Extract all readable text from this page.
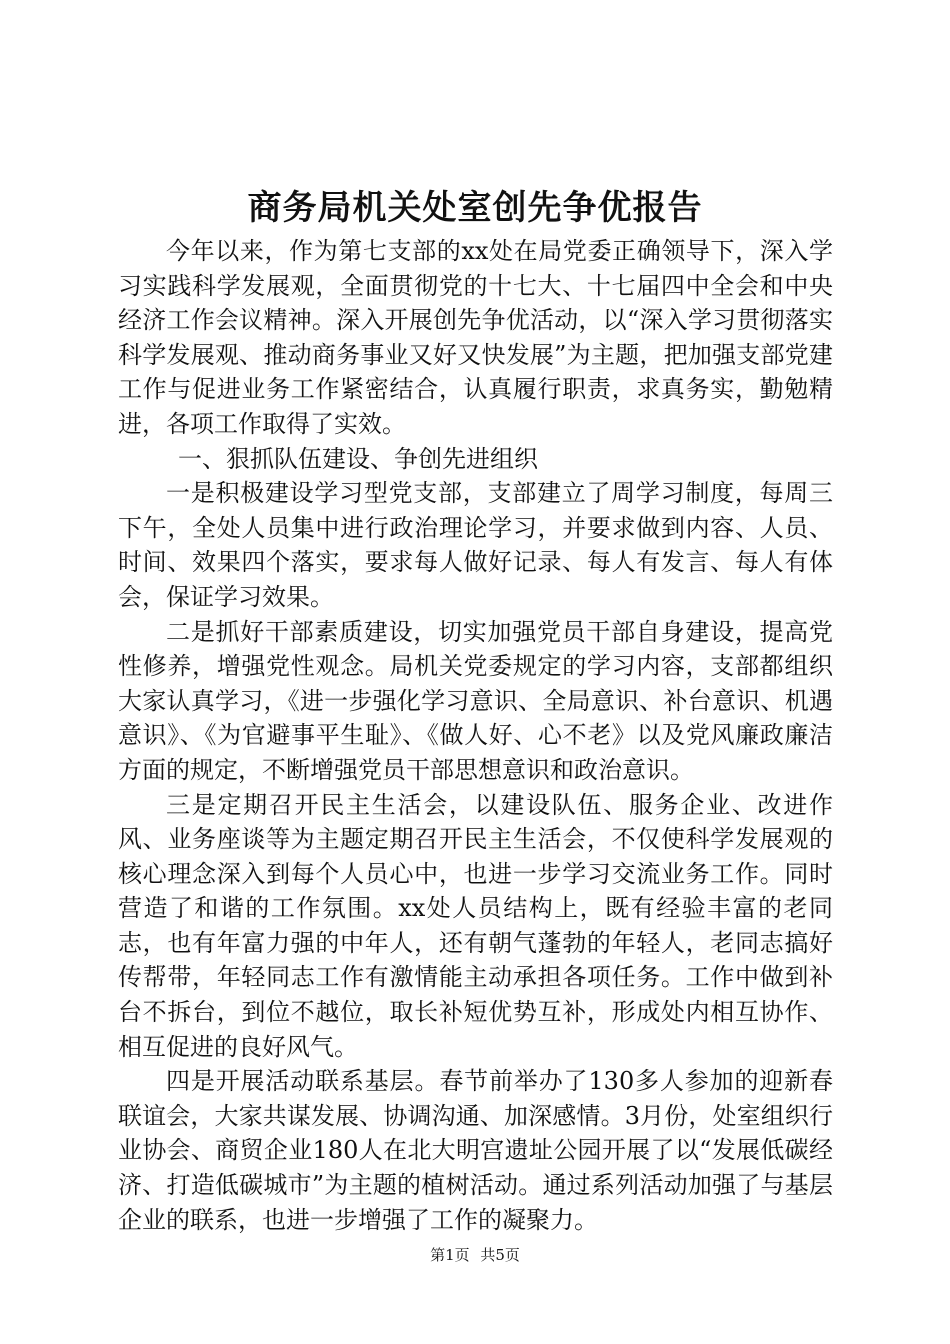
商务局机关处室创先争优报告

今年以来，作为第七支部的xx处在局党委正确领导下，深入学习实践科学发展观，全面贯彻党的十七大、十七届四中全会和中央经济工作会议精神。深入开展创先争优活动，以“深入学习贯彻落实科学发展观、推动商务事业又好又快发展”为主题，把加强支部党建工作与促进业务工作紧密结合，认真履行职责，求真务实，勤勉精进，各项工作取得了实效。

一、狠抓队伍建设、争创先进组织

一是积极建设学习型党支部，支部建立了周学习制度，每周三下午，全处人员集中进行政治理论学习，并要求做到内容、人员、时间、效果四个落实，要求每人做好记录、每人有发言、每人有体会，保证学习效果。

二是抓好干部素质建设，切实加强党员干部自身建设，提高党性修养，增强党性观念。局机关党委规定的学习内容，支部都组织大家认真学习，《进一步强化学习意识、全局意识、补台意识、机遇意识》、《为官避事平生耻》、《做人好、心不老》以及党风廉政廉洁方面的规定，不断增强党员干部思想意识和政治意识。

三是定期召开民主生活会，以建设队伍、服务企业、改进作风、业务座谈等为主题定期召开民主生活会，不仅使科学发展观的核心理念深入到每个人员心中，也进一步学习交流业务工作。同时营造了和谐的工作氛围。xx处人员结构上，既有经验丰富的老同志，也有年富力强的中年人，还有朝气蓬勃的年轻人，老同志搞好传帮带，年轻同志工作有激情能主动承担各项任务。工作中做到补台不拆台，到位不越位，取长补短优势互补，形成处内相互协作、相互促进的良好风气。

四是开展活动联系基层。春节前举办了130多人参加的迎新春联谊会，大家共谋发展、协调沟通、加深感情。3月份，处室组织行业协会、商贸企业180人在北大明宫遗址公园开展了以“发展低碳经济、打造低碳城市”为主题的植树活动。通过系列活动加强了与基层企业的联系，也进一步增强了工作的凝聚力。

第1页 共5页
